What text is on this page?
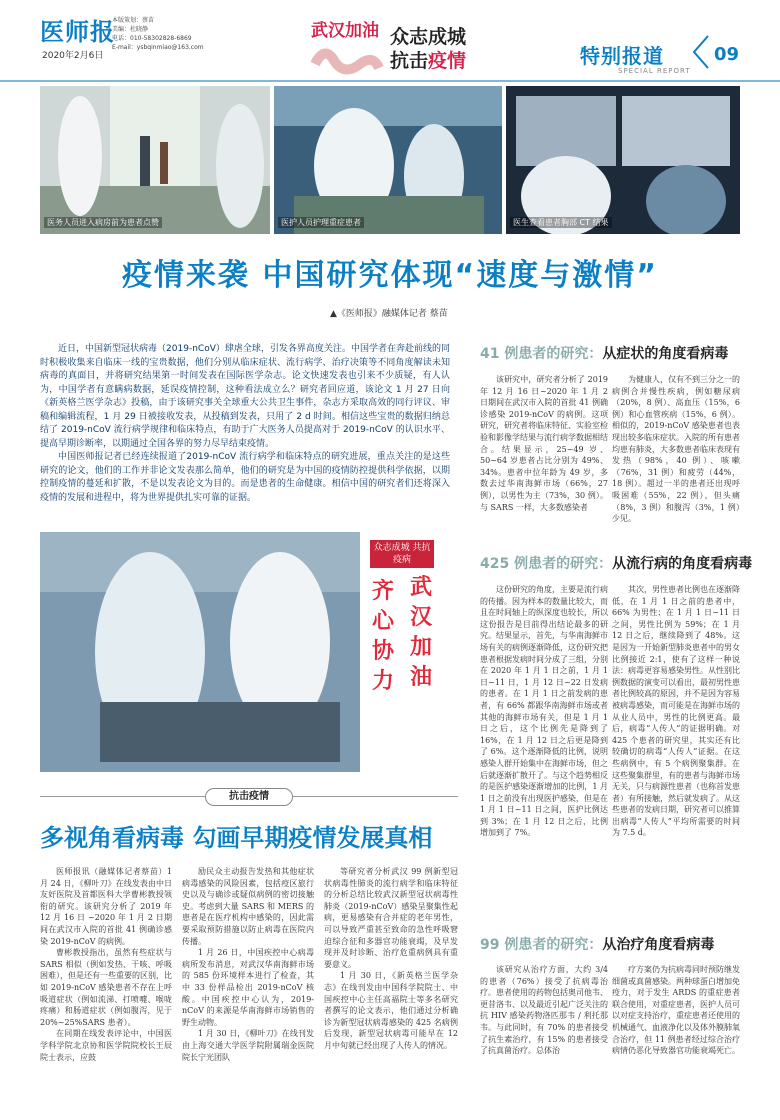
医师报
2020年2月6日
本版策划：蔡苗
美编：杜晓静
电话：010-58302828-6869
E-mail：ysbqinmiao@163.com
武汉加油 众志成城
抗击疫情	特别报道
SPECIAL REPORT
09
医务人员进入病房前为患者点赞	医护人员护理重症患者	医生查看患者胸部 CT 结果
疫情来袭 中国研究体现“速度与激情”
▲《医师报》融媒体记者 蔡苗

近日，中国新型冠状病毒（2019-nCoV）肆虐全球，引发各界高度关注。中国学者在奔赴前线的同时积极收集来自临床一线的宝贵数据，他们分别从临床症状、流行病学、治疗决策等不同角度解读未知病毒的真面目，并将研究结果第一时间发表在国际医学杂志。论文快速发表也引来不少质疑，有人认为，中国学者有意瞒病数据，延误疫情控制，这种看法成立么？研究者回应道，该论文 1 月 27 日向《新英格兰医学杂志》投稿，由于该研究事关全球重大公共卫生事件，杂志方采取高效的同行评议、审稿和编辑流程，1 月 29 日被接收发表，从投稿到发表，只用了 2 d 时间。相信这些宝贵的数据归纳总结了 2019-nCoV 流行病学规律和临床特点，有助于广大医务人员提高对于 2019-nCoV 的认识水平、提高早期诊断率，以期通过全国各界的努力尽早结束疫情。

中国医师报记者已经连续报道了2019-nCoV 流行病学和临床特点的研究进展，重点关注的是这些研究的论文，他们的工作并非论文发表那么简单，他们的研究是为中国的疫情防控提供科学依据，以期控制疫情的蔓延和扩散，不是以发表论文为目的。而是患者的生命健康。相信中国的研究者们还将深入疫情的发展和进程中，将为世界提供扎实可靠的证据。

众志成城 共抗疫病
武汉加油
齐心协力
抗击疫情
多视角看病毒 勾画早期疫情发展真相

医师报讯（融媒体记者蔡苗）1 月 24 日，《柳叶刀》在线发表由中日友好医院及首都医科大学曹彬教授领衔的研究。该研究分析了 2019 年 12 月 16 日 ~2020 年 1 月 2 日期间在武汉市入院的首批 41 例确诊感染 2019-nCoV 的病例。

曹彬教授指出，虽然有些症状与 SARS 相似（例如发热、干咳、呼吸困难），但是还有一些重要的区别，比如 2019-nCoV 感染患者不存在上呼吸道症状（例如流涕、打喷嚏、喉咙疼痛）和肠道症状（例如腹泻，见于 20%~25%SARS 患者）。

在同期在线发表评论中，中国医学科学院北京协和医学院院校长王辰院士表示，应鼓

励民众主动报告发热和其他症状病毒感染的风险因素，包括疫区旅行史以及与确诊或疑似病例的密切接触史。考虑到大量 SARS 和 MERS 的患者是在医疗机构中感染的，因此需要采取预防措施以防止病毒在医院内传播。

1 月 26 日，中国疾控中心病毒病所发布消息，对武汉华南海鲜市场的 585 份环境样本进行了检查，其中 33 份样品检出 2019-nCoV 核酸。中国疾控中心认为，2019-nCoV 的来源是华南海鲜市场销售的野生动物。

1 月 30 日，《柳叶刀》在线刊发由上海交通大学医学院附属瑞金医院院长宁光团队

等研究者分析武汉 99 例新型冠状病毒性肺炎的流行病学和临床特征的分析总结比较武汉新型冠状病毒性肺炎（2019-nCoV）感染呈聚集性起病，更易感染有合并症的老年男性，可以导致严重甚至致命的急性呼吸窘迫综合征和多器官功能衰竭，及早发现并及时诊断、治疗危重病例具有重要意义。

1 月 30 日，《新英格兰医学杂志》在线刊发由中国科学院院士、中国疾控中心主任高福院士等多名研究者撰写的论文表示，他们通过分析确诊为新型冠状病毒感染的 425 名病例后发现，新型冠状病毒可能早在 12 月中旬就已经出现了人传人的情况。

41 例患者的研究：从症状的角度看病毒

该研究中，研究者分析了 2019 年 12 月 16 日~2020 年 1 月 2 日期间在武汉市入院的首批 41 例确诊感染 2019-nCoV 的病例。这项研究，研究者将临床特征、实验室检验和影像学结果与流行病学数据相结合。结果显示，25~49 岁、50~64 岁患者占比分别为 49%、34%。患者中位年龄为 49 岁，多数去过华南海鲜市场（66%，27 例），以男性为主（73%，30 例）。与 SARS 一样，大多数感染者

为健康人，仅有不到三分之一的病例合并慢性疾病，例如糖尿病（20%，8 例）、高血压（15%，6 例）和心血管疾病（15%，6 例）。相似的，2019-nCoV 感染患者也表现出较多临床症状。入院的所有患者均患有肺炎，大多数患者临床表现有发热（98%，40 例）、咳嗽（76%，31 例）和疲劳（44%，18 例）。超过一半的患者还出现呼吸困难（55%，22 例），但头痛（8%，3 例）和腹泻（3%，1 例）少见。

425 例患者的研究：从流行病的角度看病毒

这份研究的角度，主要是流行病的传播。因为样本的数量比较大，而且在时间轴上的纵深度也较长，所以这份报告是目前得出结论最多的研究。结果显示，首先，与华南海鲜市场有关的病例逐渐降低，这份研究把患者根据发病时间分成了三组，分别在 2020 年 1 月 1 日之前，1 月 1 日~11 日，1 月 12 日~22 日发病的患者。在 1 月 1 日之前发病的患者，有 66% 都跟华南海鲜市场或者其他的海鲜市场有关，但是 1 月 1 日之后，这个比例先是降到了 16%，在 1 月 12 日之后更是降到了 6%。这个逐渐降低的比例，说明感染人群开始集中在海鲜市场，但之后就逐渐扩散开了。与这个趋势相反的是医护感染逐渐增加的比例，1 月 1 日之前没有出现医护感染，但是在 1 月 1 日~11 日之间，医护比例达到 3%；在 1 月 12 日之后，比例增加到了 7%。

其次，男性患者比例也在逐渐降低，在 1 月 1 日之前的患者中，66% 为男性；在 1 月 1 日~11 日之间，男性比例为 59%；在 1 月 12 日之后，继续降到了 48%。这是因为一开始新型肺炎患者中的男女比例接近 2:1，使有了这样一种说法：病毒更容易感染男性。从性别比例数据的演变可以看出，最初男性患者比例较高的原因，并不是因为容易被病毒感染，而可能是在海鲜市场的从业人员中，男性的比例更高。最后，病毒“人传人”的证据明确。对 425 个患者的研究里，其实还有比较确切的病毒“人传人”证据。在这些病例中，有 5 个病例聚集群。在这些聚集群里，有的患者与海鲜市场无关，只与病源性患者（也称首发患者）有所接触，然后就发病了。从这些患者的发病日期，研究者可以推算出病毒“人传人”平均所需要的时间为 7.5 d。

99 例患者的研究：从治疗角度看病毒

该研究从治疗方面，大约 3/4 的患者（76%）接受了抗病毒治疗。患者使用的药物包括奥司他韦、更昔洛韦、以及最近引起广泛关注的抗 HIV 感染药物洛匹那韦 / 利托那韦。与此同时，有 70% 的患者接受了抗生素治疗，有 15% 的患者接受了抗真菌治疗。总体治

疗方案仍为抗病毒同时预防继发细菌或真菌感染。两种球蛋白增加免疫力，对于发生 ARDS 的重症患者联合使用，对重症患者，医护人员可以对症支持治疗，重症患者还使用的机械通气、血液净化以及体外膜肺氧合治疗，但 11 例患者经过综合治疗病情仍恶化导致器官功能衰竭死亡。
